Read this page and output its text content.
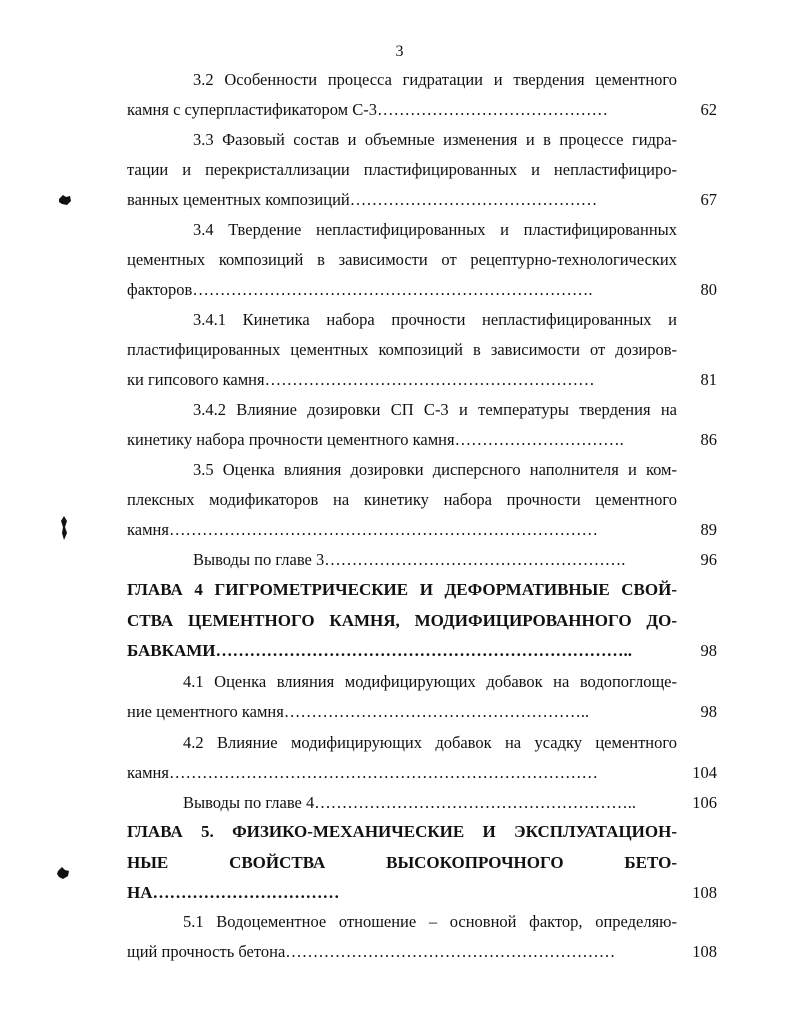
3
3.2 Особенности процесса гидратации и твердения цементного
камня с суперпластификатором С-3……………………………………	62
3.3 Фазовый состав и объемные изменения и в процессе гидра-
тации и перекристаллизации пластифицированных и непластифициро-
ванных цементных композиций………………………………………	67
3.4 Твердение непластифицированных и пластифицированных
цементных композиций в зависимости от рецептурно-технологических
факторов……………………………………………………………….	80
3.4.1 Кинетика набора прочности непластифицированных и
пластифицированных цементных композиций в зависимости от дозиров-
ки гипсового камня……………………………………………………	81
3.4.2 Влияние дозировки СП С-3 и температуры твердения на
кинетику набора прочности цементного камня………………………….	86
3.5 Оценка влияния дозировки дисперсного наполнителя и ком-
плексных модификаторов на кинетику набора прочности цементного
камня……………………………………………………………………	89
Выводы по главе 3……………………………………………….	96
ГЛАВА 4 ГИГРОМЕТРИЧЕСКИЕ И ДЕФОРМАТИВНЫЕ СВОЙ-
СТВА ЦЕМЕНТНОГО КАМНЯ, МОДИФИЦИРОВАННОГО ДО-
БАВКАМИ………………………………………………………………..	98
4.1 Оценка влияния модифицирующих добавок на водопоглоще-
ние цементного камня………………………………………………..	98
4.2 Влияние модифицирующих добавок на усадку цементного
камня……………………………………………………………………	104
Выводы по главе 4…………………………………………………..	106
ГЛАВА 5. ФИЗИКО-МЕХАНИЧЕСКИЕ И ЭКСПЛУАТАЦИОН-
НЫЕ СВОЙСТВА ВЫСОКОПРОЧНОГО БЕТО-
НА……………………………	108
5.1 Водоцементное отношение – основной фактор, определяю-
щий прочность бетона……………………………………………………	108
